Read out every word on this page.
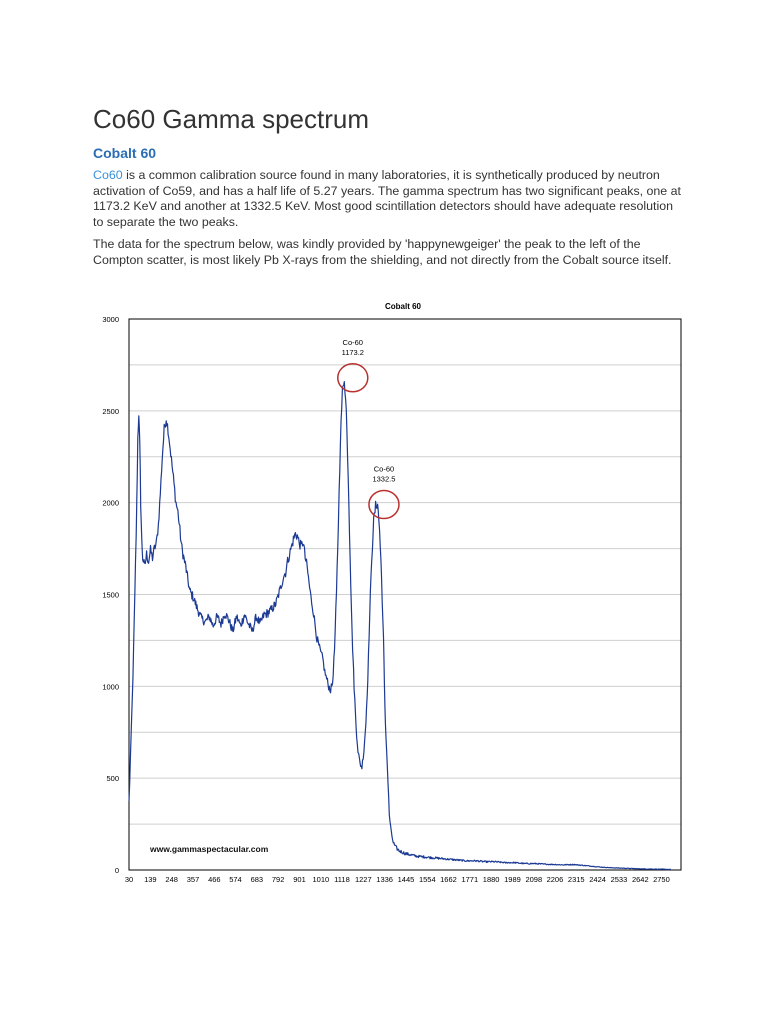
Co60 Gamma spectrum
Cobalt 60

Co60 is a common calibration source found in many laboratories, it is synthetically produced by neutron activation of Co59, and has a half life of 5.27 years. The gamma spectrum has two significant peaks, one at 1173.2 KeV and another at 1332.5 KeV. Most good scintillation detectors should have adequate resolution to separate the two peaks.

The data for the spectrum below, was kindly provided by 'happynewgeiger' the peak to the left of the Compton scatter, is most likely Pb X-rays from the shielding, and not directly from the Cobalt source itself.

Cobalt 60
3000
2500
2000
1500
1000
500
0
30 139 248 357 466 574 683 792 901 1010 1118 1227 1336 1445 1554 1662 1771 1880 1989 2098 2206 2315 2424 2533 2642 2750
Co-60
1173.2
Co-60
1332.5
www.gammaspectacular.com
